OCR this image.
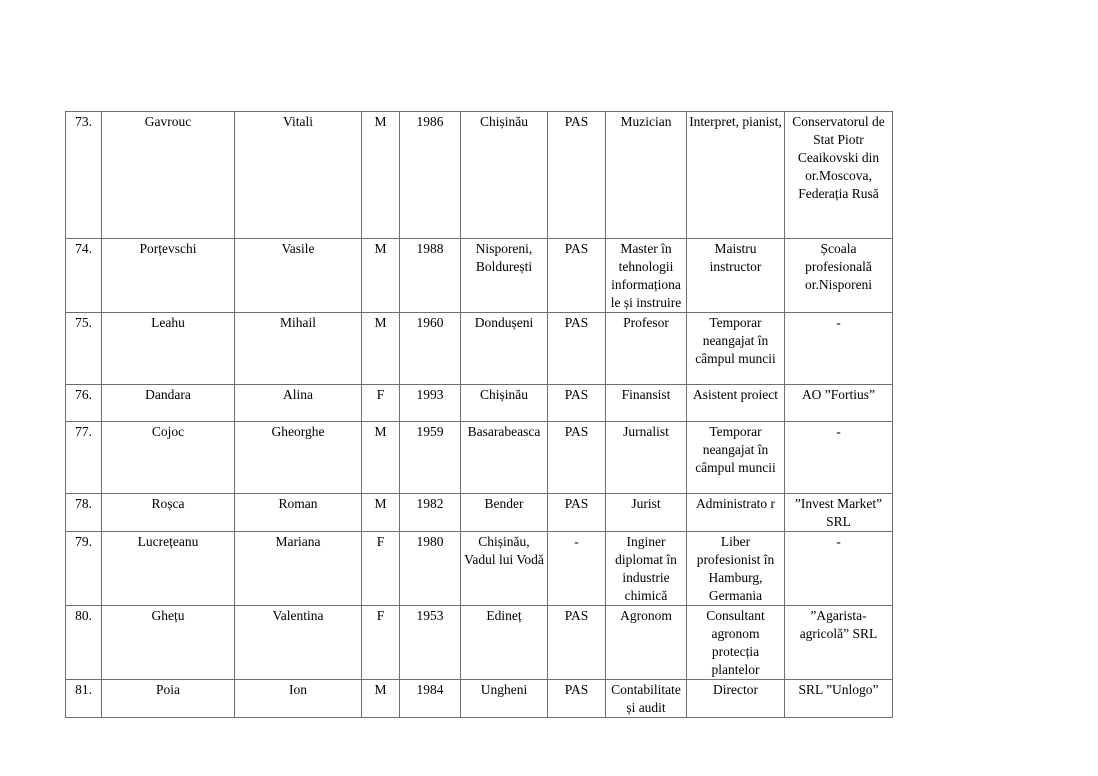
73.	Gavrouc	Vitali	M	1986	Chișinău	PAS	Muzician	Interpret, pianist,	Conservatorul de Stat Piotr Ceaikovski din or.Moscova, Federația Rusă
74.	Porțevschi	Vasile	M	1988	Nisporeni, Boldurești	PAS	Master în tehnologii informaționa le și instruire	Maistru instructor	Școala profesională or.Nisporeni
75.	Leahu	Mihail	M	1960	Dondușeni	PAS	Profesor	Temporar neangajat în câmpul muncii	-
76.	Dandara	Alina	F	1993	Chișinău	PAS	Finansist	Asistent proiect	AO ”Fortius”
77.	Cojoc	Gheorghe	M	1959	Basarabeasca	PAS	Jurnalist	Temporar neangajat în câmpul muncii	-
78.	Roșca	Roman	M	1982	Bender	PAS	Jurist	Administrato r	”Invest Market” SRL
79.	Lucrețeanu	Mariana	F	1980	Chișinău, Vadul lui Vodă	-	Inginer diplomat în industrie chimică	Liber profesionist în Hamburg, Germania	-
80.	Ghețu	Valentina	F	1953	Edineț	PAS	Agronom	Consultant agronom protecția plantelor	”Agarista-agricolă” SRL
81.	Poia	Ion	M	1984	Ungheni	PAS	Contabilitate și audit	Director	SRL ”Unlogo”
